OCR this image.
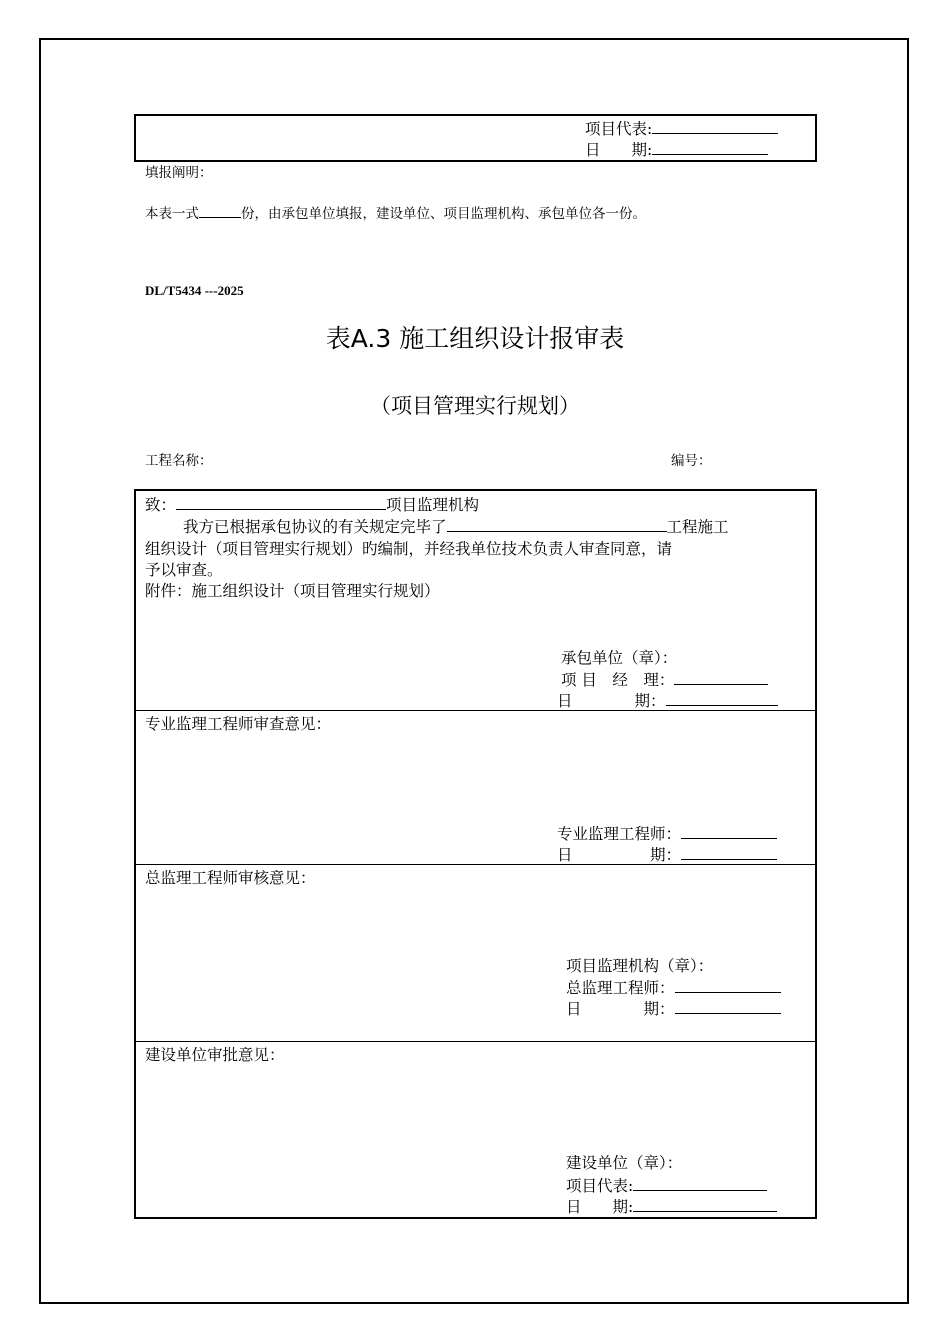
项目代表:
日　　期:
填报阐明：
本表一式	份，由承包单位填报，建设单位、项目监理机构、承包单位各一份。
DL/T5434 ---2025
表A.3 施工组织设计报审表
（项目管理实行规划）
工程名称：	编号：
致：	项目监理机构
我方已根据承包协议的有关规定完毕了	工程施工
组织设计（项目管理实行规划）旳编制，并经我单位技术负责人审查同意，请
予以审查。
附件：施工组织设计（项目管理实行规划）
承包单位（章）：
项 目　经　理：
日　　　　期：
专业监理工程师审查意见：
专业监理工程师：
日　　　　　期：
总监理工程师审核意见：
项目监理机构（章）：
总监理工程师：
日　　　　期：
建设单位审批意见：
建设单位（章）：
项目代表:
日　　期:
